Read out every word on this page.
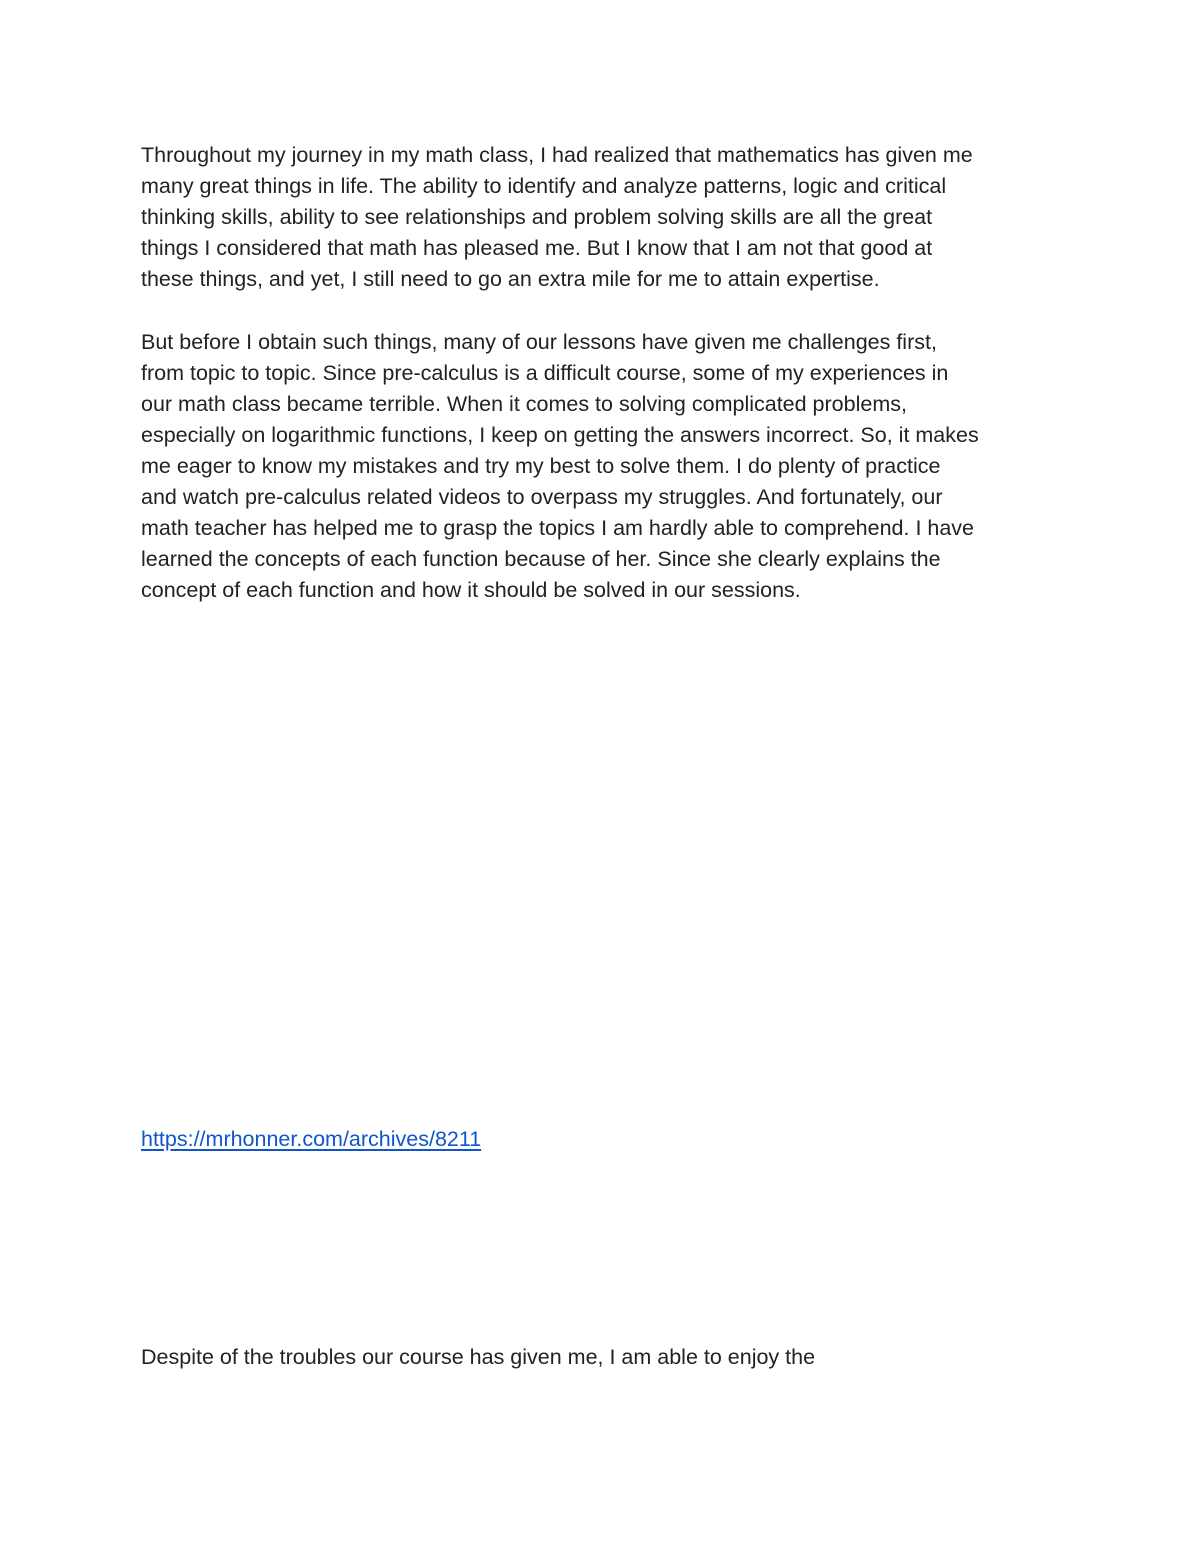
Throughout my journey in my math class, I had realized that mathematics has given me
many great things in life. The ability to identify and analyze patterns, logic and critical
thinking skills, ability to see relationships and problem solving skills are all the great
things I considered that math has pleased me. But I know that I am not that good at
these things, and yet, I still need to go an extra mile for me to attain expertise.

But before I obtain such things, many of our lessons have given me challenges first,
from topic to topic. Since pre-calculus is a difficult course, some of my experiences in
our math class became terrible. When it comes to solving complicated problems,
especially on logarithmic functions, I keep on getting the answers incorrect. So, it makes
me eager to know my mistakes and try my best to solve them. I do plenty of practice
and watch pre-calculus related videos to overpass my struggles. And fortunately, our
math teacher has helped me to grasp the topics I am hardly able to comprehend. I have
learned the concepts of each function because of her. Since she clearly explains the
concept of each function and how it should be solved in our sessions.

https://mrhonner.com/archives/8211

Despite of the troubles our course has given me, I am able to enjoy the
